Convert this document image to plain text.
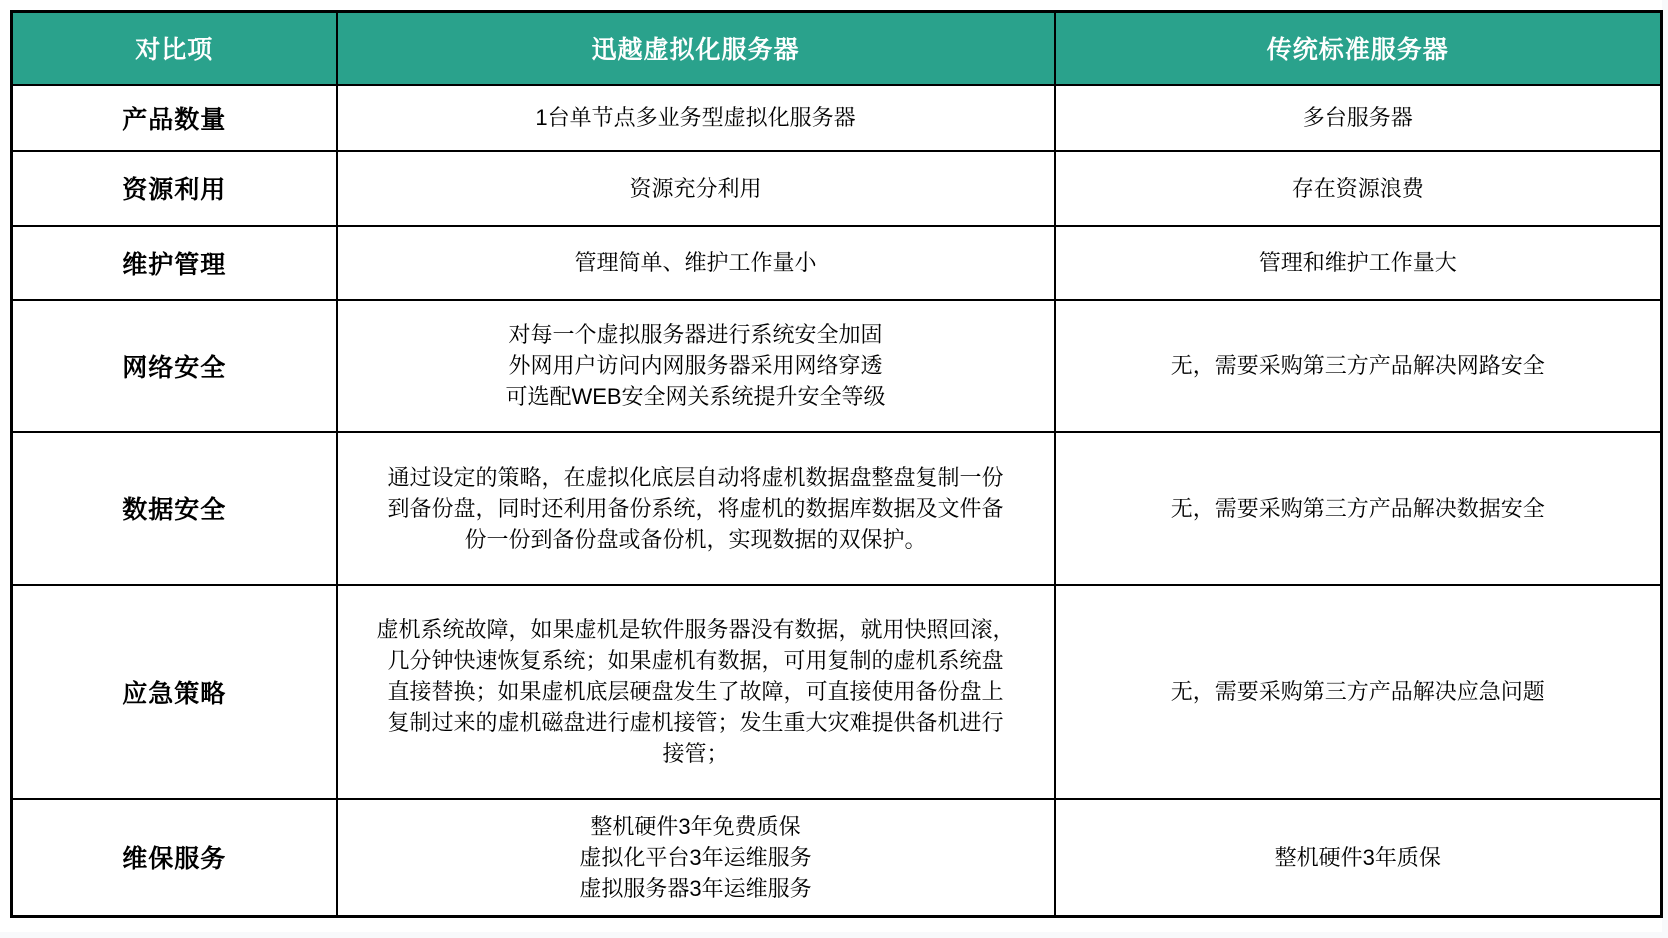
对比项	迅越虚拟化服务器	传统标准服务器
产品数量	1台单节点多业务型虚拟化服务器	多台服务器

资源利用	资源充分利用	存在资源浪费

维护管理	管理简单、维护工作量小	管理和维护工作量大

网络安全	对每一个虚拟服务器进行系统安全加固
外网用户访问内网服务器采用网络穿透
可选配WEB安全网关系统提升安全等级	无，需要采购第三方产品解决网路安全

数据安全	通过设定的策略，在虚拟化底层自动将虚机数据盘整盘复制一份
到备份盘，同时还利用备份系统，将虚机的数据库数据及文件备
份一份到备份盘或备份机，实现数据的双保护。	无，需要采购第三方产品解决数据安全

应急策略	虚机系统故障，如果虚机是软件服务器没有数据，就用快照回滚，
几分钟快速恢复系统；如果虚机有数据，可用复制的虚机系统盘
直接替换；如果虚机底层硬盘发生了故障，可直接使用备份盘上
复制过来的虚机磁盘进行虚机接管；发生重大灾难提供备机进行
接管；	无，需要采购第三方产品解决应急问题

维保服务	整机硬件3年免费质保
虚拟化平台3年运维服务
虚拟服务器3年运维服务	整机硬件3年质保
